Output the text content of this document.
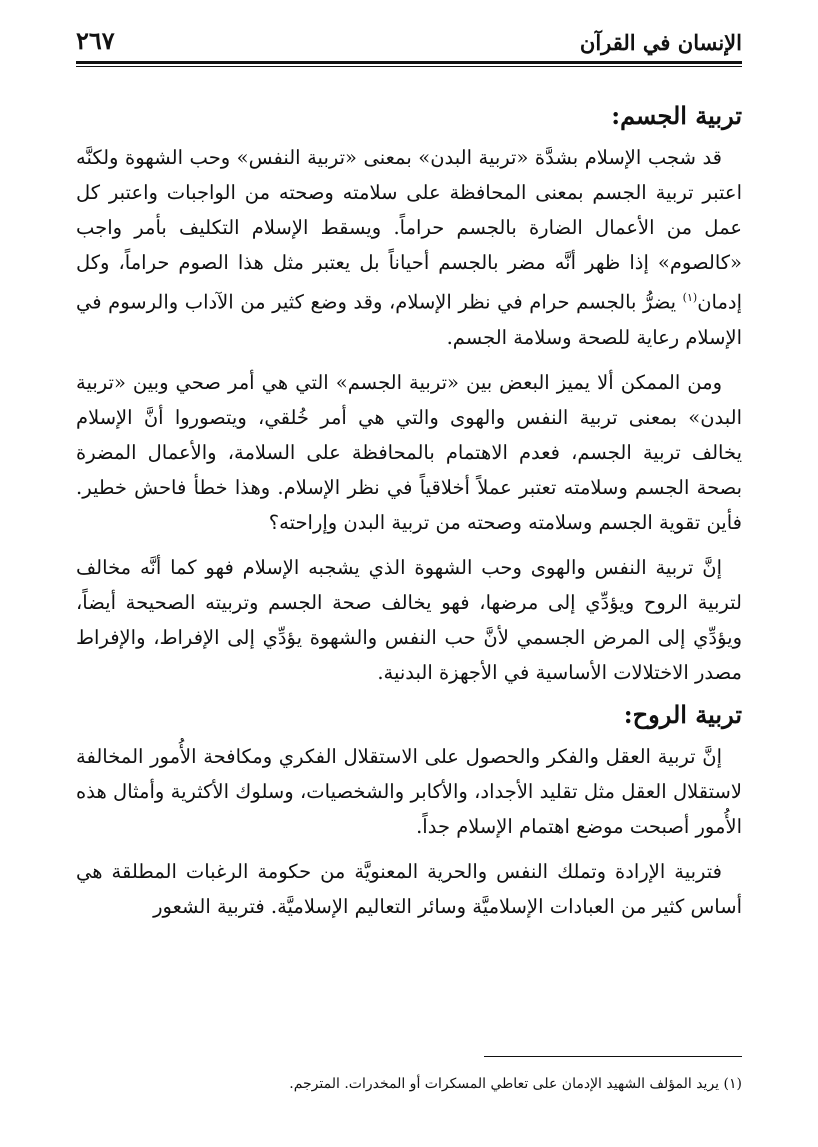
الإنسان في القرآن
٢٦٧
تربية الجسم:

قد شجب الإسلام بشدَّة «تربية البدن» بمعنى «تربية النفس» وحب الشهوة ولكنَّه اعتبر تربية الجسم بمعنى المحافظة على سلامته وصحته من الواجبات واعتبر كل عمل من الأعمال الضارة بالجسم حراماً. ويسقط الإسلام التكليف بأمر واجب «كالصوم» إذا ظهر أنَّه مضر بالجسم أحياناً بل يعتبر مثل هذا الصوم حراماً، وكل إدمان$^{(١)}$ يضرُّ بالجسم حرام في نظر الإسلام، وقد وضع كثير من الآداب والرسوم في الإسلام رعاية للصحة وسلامة الجسم.

ومن الممكن ألا يميز البعض بين «تربية الجسم» التي هي أمر صحي وبين «تربية البدن» بمعنى تربية النفس والهوى والتي هي أمر خُلقي، ويتصوروا أنَّ الإسلام يخالف تربية الجسم، فعدم الاهتمام بالمحافظة على السلامة، والأعمال المضرة بصحة الجسم وسلامته تعتبر عملاً أخلاقياً في نظر الإسلام. وهذا خطأ فاحش خطير. فأين تقوية الجسم وسلامته وصحته من تربية البدن وإراحته؟

إنَّ تربية النفس والهوى وحب الشهوة الذي يشجبه الإسلام فهو كما أنَّه مخالف لتربية الروح ويؤدِّي إلى مرضها، فهو يخالف صحة الجسم وتربيته الصحيحة أيضاً، ويؤدِّي إلى المرض الجسمي لأنَّ حب النفس والشهوة يؤدِّي إلى الإفراط، والإفراط مصدر الاختلالات الأساسية في الأجهزة البدنية.

تربية الروح:

إنَّ تربية العقل والفكر والحصول على الاستقلال الفكري ومكافحة الأُمور المخالفة لاستقلال العقل مثل تقليد الأجداد، والأكابر والشخصيات، وسلوك الأكثرية وأمثال هذه الأُمور أصبحت موضع اهتمام الإسلام جداً.

فتربية الإرادة وتملك النفس والحرية المعنويَّة من حكومة الرغبات المطلقة هي أساس كثير من العبادات الإسلاميَّة وسائر التعاليم الإسلاميَّة. فتربية الشعور

(١) يريد المؤلف الشهيد الإدمان على تعاطي المسكرات أو المخدرات. المترجم.
